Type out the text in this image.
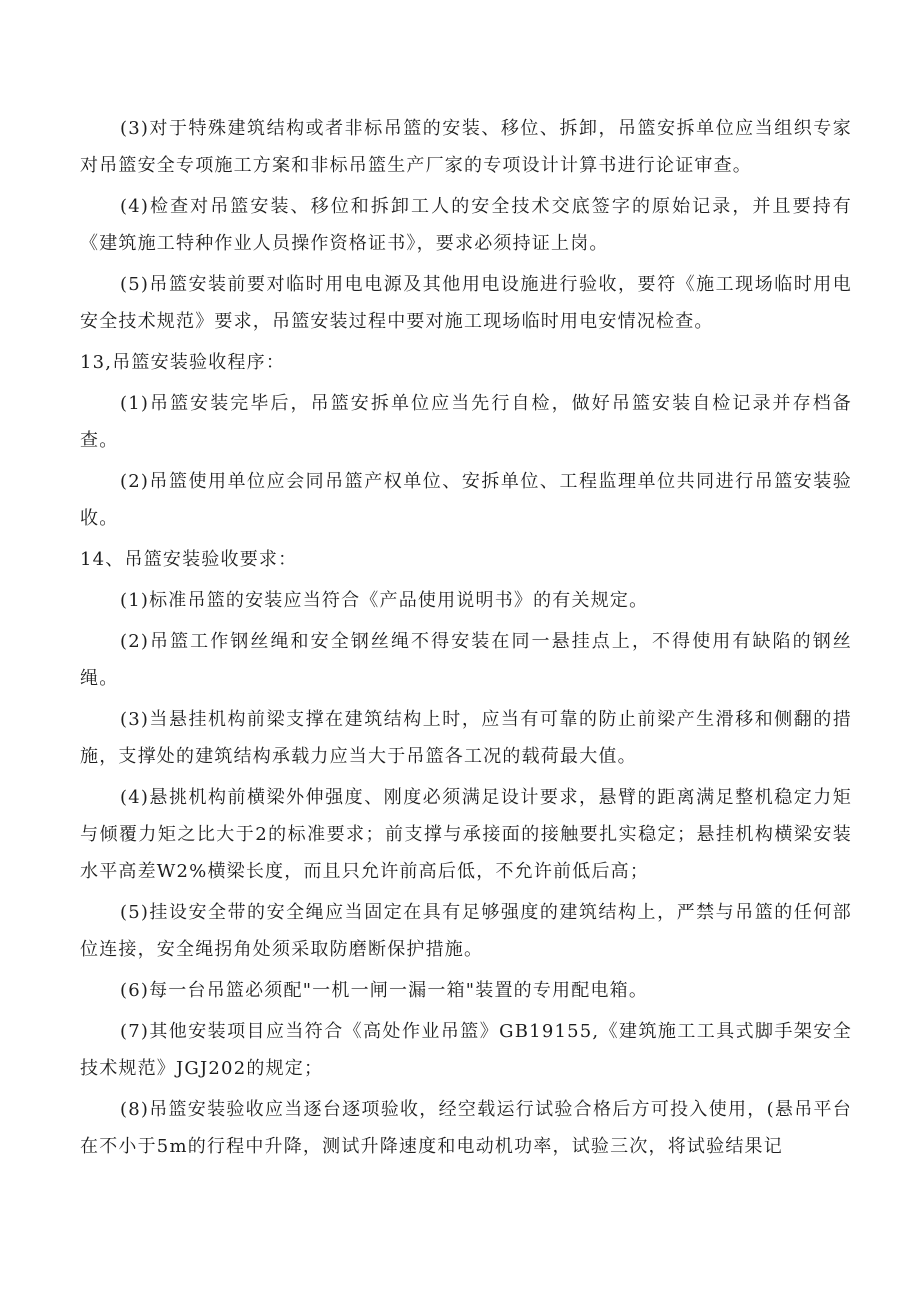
(3)对于特殊建筑结构或者非标吊篮的安装、移位、拆卸，吊篮安拆单位应当组织专家对吊篮安全专项施工方案和非标吊篮生产厂家的专项设计计算书进行论证审查。

(4)检查对吊篮安装、移位和拆卸工人的安全技术交底签字的原始记录，并且要持有《建筑施工特种作业人员操作资格证书》，要求必须持证上岗。

(5)吊篮安装前要对临时用电电源及其他用电设施进行验收，要符《施工现场临时用电安全技术规范》要求，吊篮安装过程中要对施工现场临时用电安情况检查。

13,吊篮安装验收程序：

(1)吊篮安装完毕后，吊篮安拆单位应当先行自检，做好吊篮安装自检记录并存档备查。

(2)吊篮使用单位应会同吊篮产权单位、安拆单位、工程监理单位共同进行吊篮安装验收。

14、吊篮安装验收要求：

(1)标准吊篮的安装应当符合《产品使用说明书》的有关规定。

(2)吊篮工作钢丝绳和安全钢丝绳不得安装在同一悬挂点上，不得使用有缺陷的钢丝绳。

(3)当悬挂机构前梁支撑在建筑结构上时，应当有可靠的防止前梁产生滑移和侧翻的措施，支撑处的建筑结构承载力应当大于吊篮各工况的载荷最大值。

(4)悬挑机构前横梁外伸强度、刚度必须满足设计要求，悬臂的距离满足整机稳定力矩与倾覆力矩之比大于2的标准要求；前支撑与承接面的接触要扎实稳定；悬挂机构横梁安装水平高差W2%横梁长度，而且只允许前高后低，不允许前低后高；

(5)挂设安全带的安全绳应当固定在具有足够强度的建筑结构上，严禁与吊篮的任何部位连接，安全绳拐角处须采取防磨断保护措施。

(6)每一台吊篮必须配"一机一闸一漏一箱"装置的专用配电箱。

(7)其他安装项目应当符合《高处作业吊篮》GB19155,《建筑施工工具式脚手架安全技术规范》JGJ202的规定；

(8)吊篮安装验收应当逐台逐项验收，经空载运行试验合格后方可投入使用，(悬吊平台在不小于5m的行程中升降，测试升降速度和电动机功率，试验三次，将试验结果记
